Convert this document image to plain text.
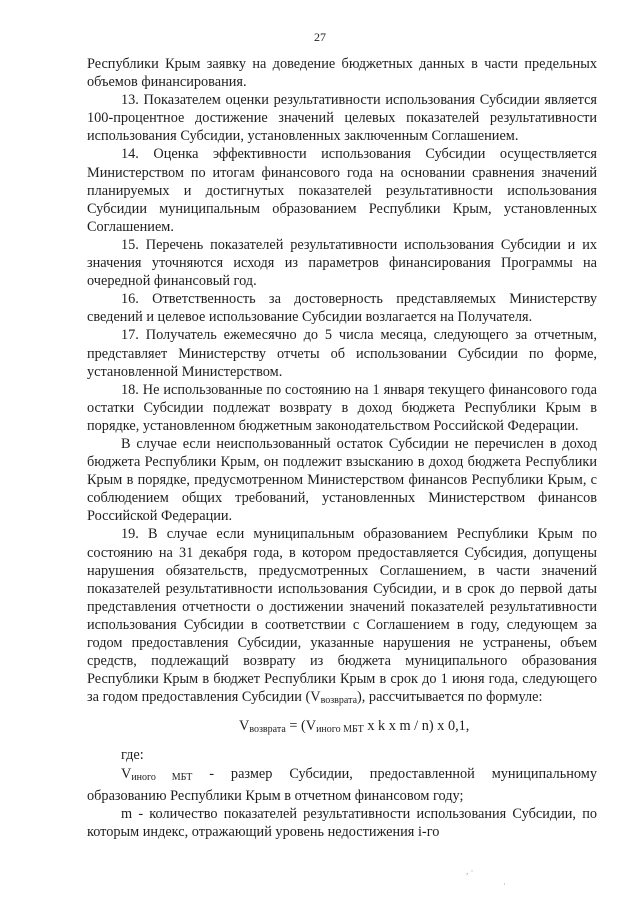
27

Республики Крым заявку на доведение бюджетных данных в части предельных объемов финансирования.

13. Показателем оценки результативности использования Субсидии является 100-процентное достижение значений целевых показателей результативности использования Субсидии, установленных заключенным Соглашением.

14. Оценка эффективности использования Субсидии осуществляется Министерством по итогам финансового года на основании сравнения значений планируемых и достигнутых показателей результативности использования Субсидии муниципальным образованием Республики Крым, установленных Соглашением.

15. Перечень показателей результативности использования Субсидии и их значения уточняются исходя из параметров финансирования Программы на очередной финансовый год.

16. Ответственность за достоверность представляемых Министерству сведений и целевое использование Субсидии возлагается на Получателя.

17. Получатель ежемесячно до 5 числа месяца, следующего за отчетным, представляет Министерству отчеты об использовании Субсидии по форме, установленной Министерством.

18. Не использованные по состоянию на 1 января текущего финансового года остатки Субсидии подлежат возврату в доход бюджета Республики Крым в порядке, установленном бюджетным законодательством Российской Федерации.

В случае если неиспользованный остаток Субсидии не перечислен в доход бюджета Республики Крым, он подлежит взысканию в доход бюджета Республики Крым в порядке, предусмотренном Министерством финансов Республики Крым, с соблюдением общих требований, установленных Министерством финансов Российской Федерации.

19. В случае если муниципальным образованием Республики Крым по состоянию на 31 декабря года, в котором предоставляется Субсидия, допущены нарушения обязательств, предусмотренных Соглашением, в части значений показателей результативности использования Субсидии, и в срок до первой даты представления отчетности о достижении значений показателей результативности использования Субсидии в соответствии с Соглашением в году, следующем за годом предоставления Субсидии, указанные нарушения не устранены, объем средств, подлежащий возврату из бюджета муниципального образования Республики Крым в бюджет Республики Крым в срок до 1 июня года, следующего за годом предоставления Субсидии $(V_{возврата})$, рассчитывается по формуле:

$V_{возврата} = (V_{иного МБТ}$ x k x m / n) x 0,1,

где:

$V_{иного МБТ}$ - размер Субсидии, предоставленной муниципальному образованию Республики Крым в отчетном финансовом году;

m - количество показателей результативности использования Субсидии, по которым индекс, отражающий уровень недостижения i-го

, ·
·
